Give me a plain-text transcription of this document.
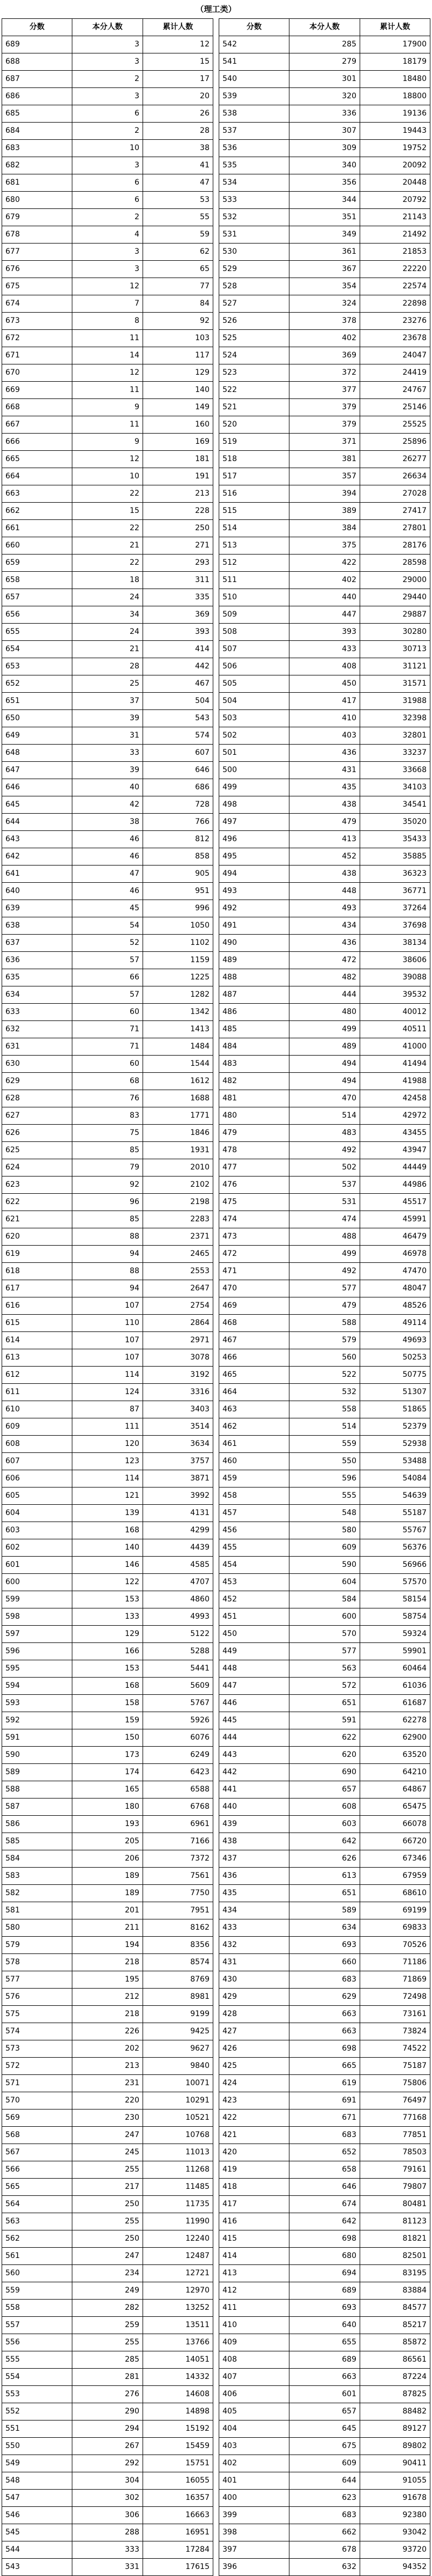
（理工类）
分数	本分人数	累计人数
689	3	12
688	3	15
687	2	17
686	3	20
685	6	26
684	2	28
683	10	38
682	3	41
681	6	47
680	6	53
679	2	55
678	4	59
677	3	62
676	3	65
675	12	77
674	7	84
673	8	92
672	11	103
671	14	117
670	12	129
669	11	140
668	9	149
667	11	160
666	9	169
665	12	181
664	10	191
663	22	213
662	15	228
661	22	250
660	21	271
659	22	293
658	18	311
657	24	335
656	34	369
655	24	393
654	21	414
653	28	442
652	25	467
651	37	504
650	39	543
649	31	574
648	33	607
647	39	646
646	40	686
645	42	728
644	38	766
643	46	812
642	46	858
641	47	905
640	46	951
639	45	996
638	54	1050
637	52	1102
636	57	1159
635	66	1225
634	57	1282
633	60	1342
632	71	1413
631	71	1484
630	60	1544
629	68	1612
628	76	1688
627	83	1771
626	75	1846
625	85	1931
624	79	2010
623	92	2102
622	96	2198
621	85	2283
620	88	2371
619	94	2465
618	88	2553
617	94	2647
616	107	2754
615	110	2864
614	107	2971
613	107	3078
612	114	3192
611	124	3316
610	87	3403
609	111	3514
608	120	3634
607	123	3757
606	114	3871
605	121	3992
604	139	4131
603	168	4299
602	140	4439
601	146	4585
600	122	4707
599	153	4860
598	133	4993
597	129	5122
596	166	5288
595	153	5441
594	168	5609
593	158	5767
592	159	5926
591	150	6076
590	173	6249
589	174	6423
588	165	6588
587	180	6768
586	193	6961
585	205	7166
584	206	7372
583	189	7561
582	189	7750
581	201	7951
580	211	8162
579	194	8356
578	218	8574
577	195	8769
576	212	8981
575	218	9199
574	226	9425
573	202	9627
572	213	9840
571	231	10071
570	220	10291
569	230	10521
568	247	10768
567	245	11013
566	255	11268
565	217	11485
564	250	11735
563	255	11990
562	250	12240
561	247	12487
560	234	12721
559	249	12970
558	282	13252
557	259	13511
556	255	13766
555	285	14051
554	281	14332
553	276	14608
552	290	14898
551	294	15192
550	267	15459
549	292	15751
548	304	16055
547	302	16357
546	306	16663
545	288	16951
544	333	17284
543	331	17615
分数	本分人数	累计人数
542	285	17900
541	279	18179
540	301	18480
539	320	18800
538	336	19136
537	307	19443
536	309	19752
535	340	20092
534	356	20448
533	344	20792
532	351	21143
531	349	21492
530	361	21853
529	367	22220
528	354	22574
527	324	22898
526	378	23276
525	402	23678
524	369	24047
523	372	24419
522	377	24767
521	379	25146
520	379	25525
519	371	25896
518	381	26277
517	357	26634
516	394	27028
515	389	27417
514	384	27801
513	375	28176
512	422	28598
511	402	29000
510	440	29440
509	447	29887
508	393	30280
507	433	30713
506	408	31121
505	450	31571
504	417	31988
503	410	32398
502	403	32801
501	436	33237
500	431	33668
499	435	34103
498	438	34541
497	479	35020
496	413	35433
495	452	35885
494	438	36323
493	448	36771
492	493	37264
491	434	37698
490	436	38134
489	472	38606
488	482	39088
487	444	39532
486	480	40012
485	499	40511
484	489	41000
483	494	41494
482	494	41988
481	470	42458
480	514	42972
479	483	43455
478	492	43947
477	502	44449
476	537	44986
475	531	45517
474	474	45991
473	488	46479
472	499	46978
471	492	47470
470	577	48047
469	479	48526
468	588	49114
467	579	49693
466	560	50253
465	522	50775
464	532	51307
463	558	51865
462	514	52379
461	559	52938
460	550	53488
459	596	54084
458	555	54639
457	548	55187
456	580	55767
455	609	56376
454	590	56966
453	604	57570
452	584	58154
451	600	58754
450	570	59324
449	577	59901
448	563	60464
447	572	61036
446	651	61687
445	591	62278
444	622	62900
443	620	63520
442	690	64210
441	657	64867
440	608	65475
439	603	66078
438	642	66720
437	626	67346
436	613	67959
435	651	68610
434	589	69199
433	634	69833
432	693	70526
431	660	71186
430	683	71869
429	629	72498
428	663	73161
427	663	73824
426	698	74522
425	665	75187
424	619	75806
423	691	76497
422	671	77168
421	683	77851
420	652	78503
419	658	79161
418	646	79807
417	674	80481
416	642	81123
415	698	81821
414	680	82501
413	694	83195
412	689	83884
411	693	84577
410	640	85217
409	655	85872
408	689	86561
407	663	87224
406	601	87825
405	657	88482
404	645	89127
403	675	89802
402	609	90411
401	644	91055
400	623	91678
399	683	92380
398	662	93042
397	678	93720
396	632	94352
